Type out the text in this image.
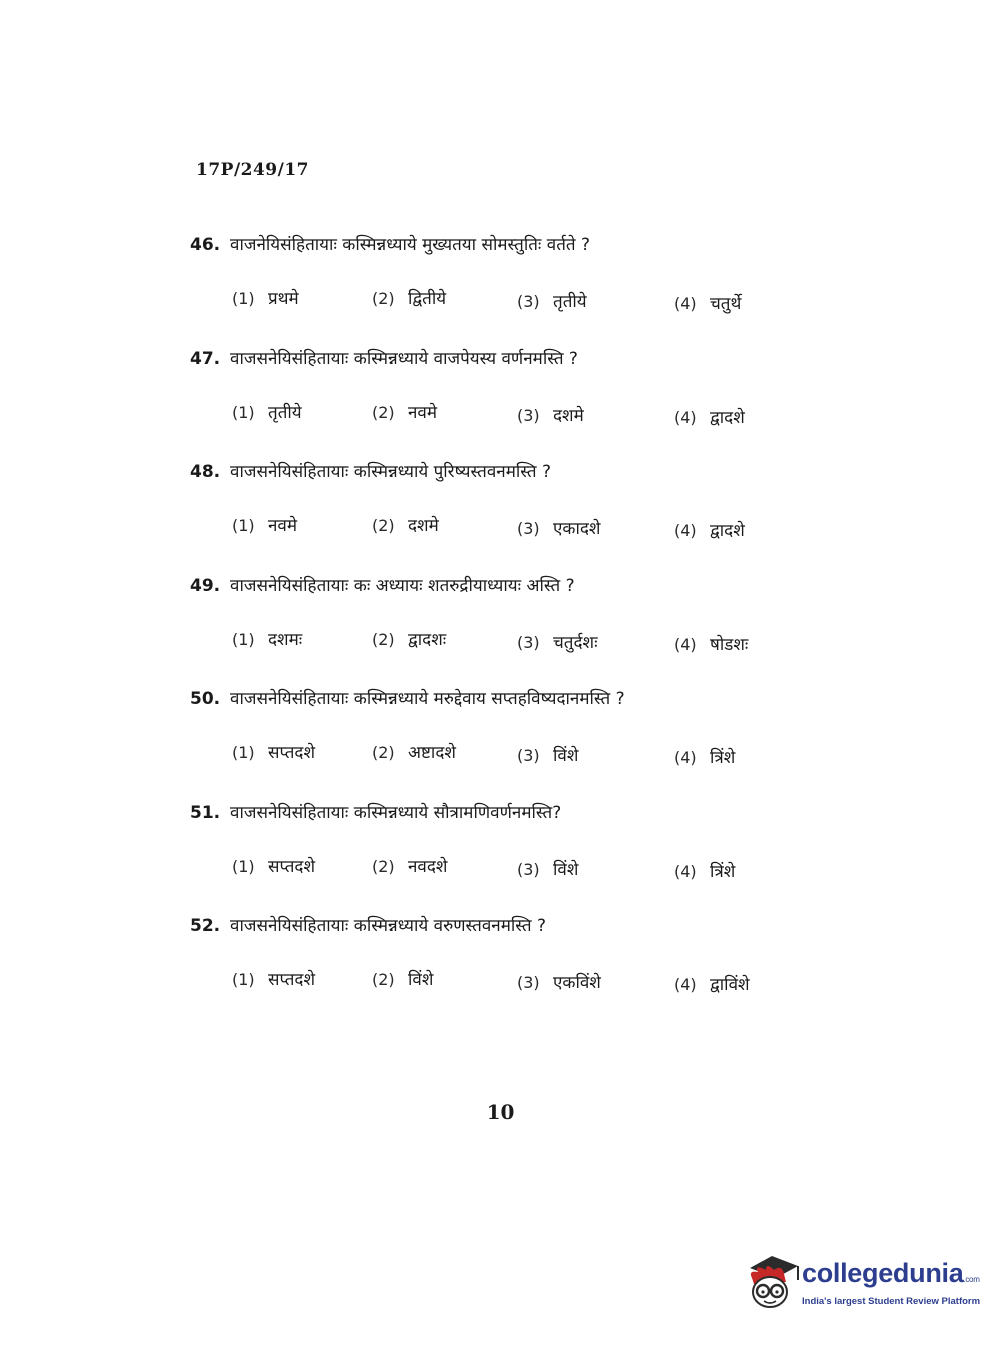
17P/249/17
46. वाजनेयिसंहितायाः कस्मिन्नध्याये मुख्यतया सोमस्तुतिः वर्तते ?
(1) प्रथमे	(2) द्वितीये	(3) तृतीये	(4) चतुर्थे
47. वाजसनेयिसंहितायाः कस्मिन्नध्याये वाजपेयस्य वर्णनमस्ति ?
(1) तृतीये	(2) नवमे	(3) दशमे	(4) द्वादशे
48. वाजसनेयिसंहितायाः कस्मिन्नध्याये पुरिष्यस्तवनमस्ति ?
(1) नवमे	(2) दशमे	(3) एकादशे	(4) द्वादशे
49. वाजसनेयिसंहितायाः कः अध्यायः शतरुद्रीयाध्यायः अस्ति ?
(1) दशमः	(2) द्वादशः	(3) चतुर्दशः	(4) षोडशः
50. वाजसनेयिसंहितायाः कस्मिन्नध्याये मरुद्देवाय सप्तहविष्यदानमस्ति ?
(1) सप्तदशे	(2) अष्टादशे	(3) विंशे	(4) त्रिंशे
51. वाजसनेयिसंहितायाः कस्मिन्नध्याये सौत्रामणिवर्णनमस्ति?
(1) सप्तदशे	(2) नवदशे	(3) विंशे	(4) त्रिंशे
52. वाजसनेयिसंहितायाः कस्मिन्नध्याये वरुणस्तवनमस्ति ?
(1) सप्तदशे	(2) विंशे	(3) एकविंशे	(4) द्वाविंशे
10
collegedunia.com
India's largest Student Review Platform
